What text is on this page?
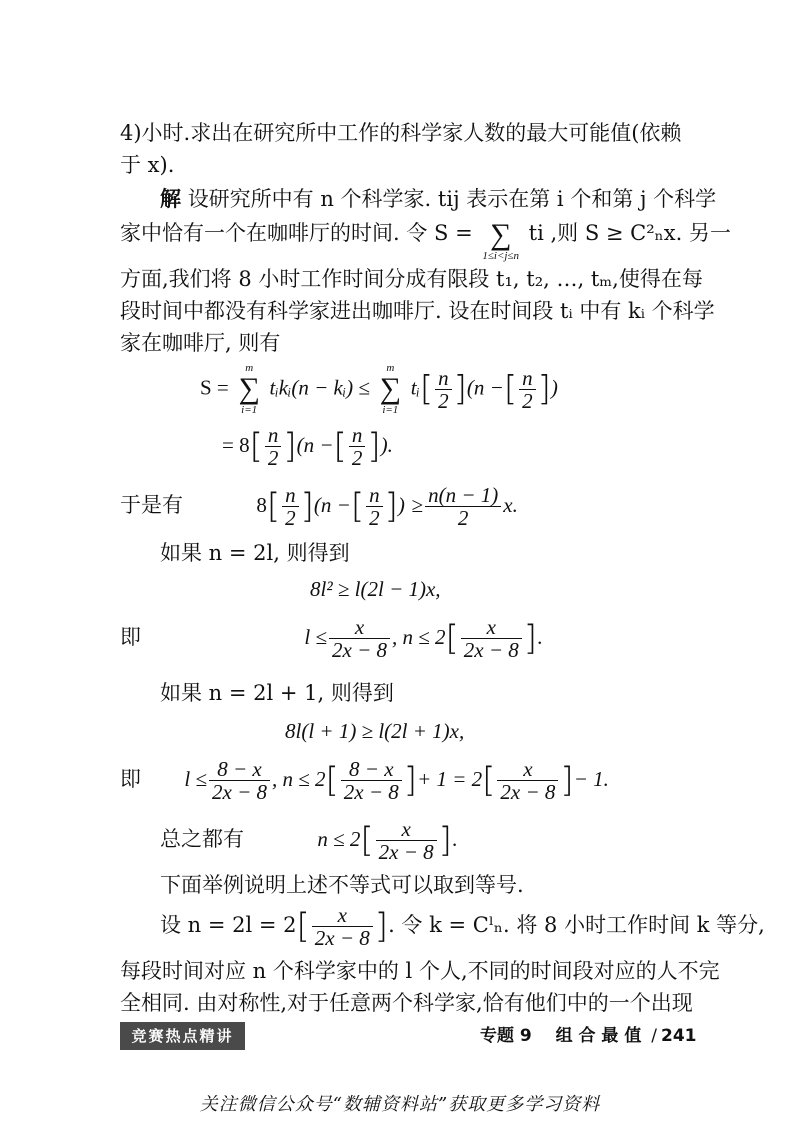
4)小时.求出在研究所中工作的科学家人数的最大可能值(依赖
于 x).
解 设研究所中有 n 个科学家. tij 表示在第 i 个和第 j 个科学
家中恰有一个在咖啡厅的时间. 令 S = ∑
1≤i<j≤n
ti ,则 S ≥ C²ₙx. 另一
方面,我们将 8 小时工作时间分成有限段 t₁, t₂, …, tₘ,使得在每
段时间中都没有科学家进出咖啡厅. 设在时间段 tᵢ 中有 kᵢ 个科学
家在咖啡厅, 则有
S =
m
∑
i=1
tᵢkᵢ(n − kᵢ) ≤
m
∑
i=1
tᵢ[ $\frac{n}{2} ](n$ −[ $\frac{n}{2}$ ])
= $8[ \frac{n}{2} ](n$ −[ $\frac{n}{2}$ ]).
于是有	$8[ \frac{n}{2} ](n$ −[ $\frac{n}{2}$ ]) ≥ $\frac{n(n - 1)}{2} x$.
如果 n = 2l, 则得到
8l² ≥ l(2l − 1)x,
即	$l \le \frac{x}{2x - 8}$ , $n \le 2[ \frac{x}{2x - 8}$ ].
如果 n = 2l + 1, 则得到
8l(l + 1) ≥ l(2l + 1)x,
即 $l \le \frac{8 - x}{2x - 8}$ , $n \le 2[ \frac{8 - x}{2x - 8}$ ]+ $1 = 2[ \frac{x}{2x - 8}$ ]− 1.
总之都有	$n \le 2[ \frac{x}{2x - 8}$ ].
下面举例说明上述不等式可以取到等号.
设 $n = 2l = 2[ \frac{x}{2x - 8}$ ]. 令 k = Cˡₙ. 将 8 小时工作时间 k 等分,
每段时间对应 n 个科学家中的 l 个人,不同的时间段对应的人不完
全相同. 由对称性,对于任意两个科学家,恰有他们中的一个出现
竞赛热点精讲	专题 9 组 合 最 值 / 241
关注微信公众号“数辅资料站”获取更多学习资料
